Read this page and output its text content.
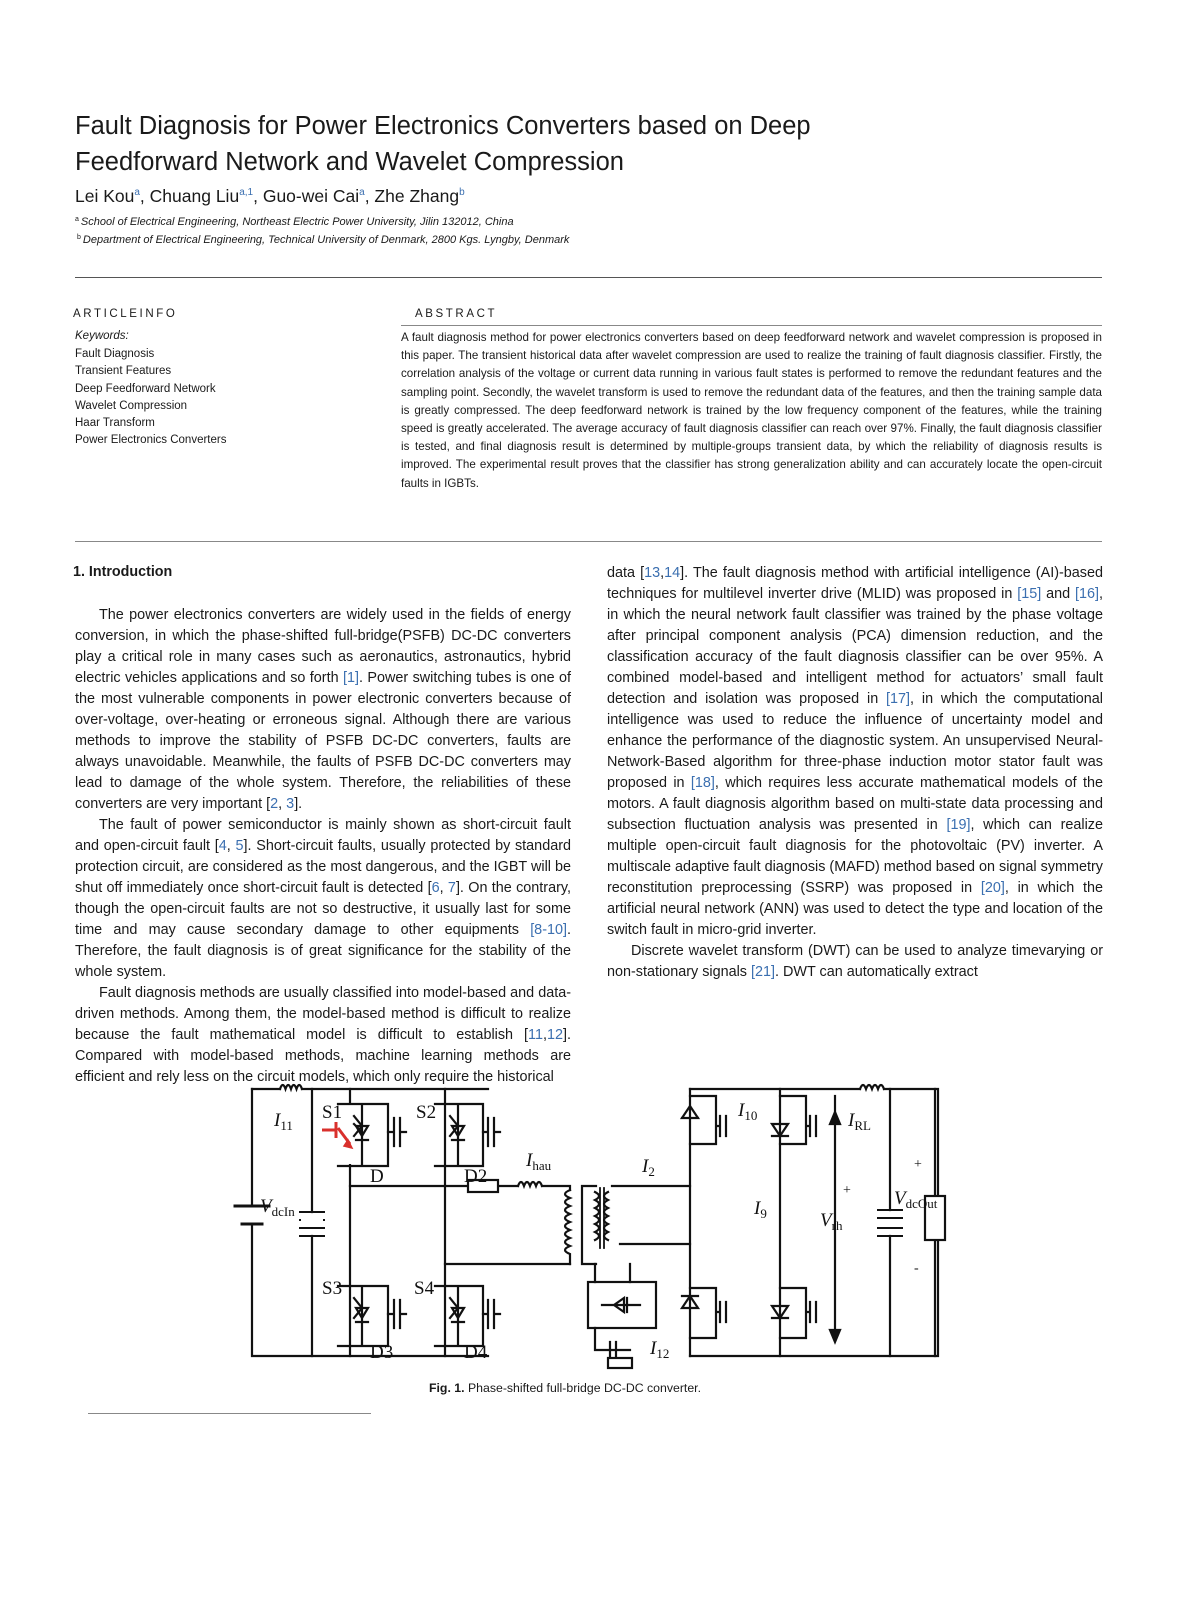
Fault Diagnosis for Power Electronics Converters based on Deep
Feedforward Network and Wavelet Compression
Lei Kou$^a$, Chuang Liu$^{a,1}$, Guo-wei Cai$^a$, Zhe Zhang$^b$
$^a$ School of Electrical Engineering, Northeast Electric Power University, Jilin 132012, China
$^b$ Department of Electrical Engineering, Technical University of Denmark, 2800 Kgs. Lyngby, Denmark
ARTICLEINFO
Keywords:
Fault Diagnosis
Transient Features
Deep Feedforward Network
Wavelet Compression
Haar Transform
Power Electronics Converters
ABSTRACT

A fault diagnosis method for power electronics converters based on deep feedforward network and wavelet compression is proposed in this paper. The transient historical data after wavelet compression are used to realize the training of fault diagnosis classifier. Firstly, the correlation analysis of the voltage or current data running in various fault states is performed to remove the redundant features and the sampling point. Secondly, the wavelet transform is used to remove the redundant data of the features, and then the training sample data is greatly compressed. The deep feedforward network is trained by the low frequency component of the features, while the training speed is greatly accelerated. The average accuracy of fault diagnosis classifier can reach over 97%. Finally, the fault diagnosis classifier is tested, and final diagnosis result is determined by multiple-groups transient data, by which the reliability of diagnosis results is improved. The experimental result proves that the classifier has strong generalization ability and can accurately locate the open-circuit faults in IGBTs.

1. Introduction

The power electronics converters are widely used in the fields of energy conversion, in which the phase-shifted full-bridge(PSFB) DC-DC converters play a critical role in many cases such as aeronautics, astronautics, hybrid electric vehicles applications and so forth [1]. Power switching tubes is one of the most vulnerable components in power electronic converters because of over-voltage, over-heating or erroneous signal. Although there are various methods to improve the stability of PSFB DC-DC converters, faults are always unavoidable. Meanwhile, the faults of PSFB DC-DC converters may lead to damage of the whole system. Therefore, the reliabilities of these converters are very important [2, 3].

The fault of power semiconductor is mainly shown as short-circuit fault and open-circuit fault [4, 5]. Short-circuit faults, usually protected by standard protection circuit, are considered as the most dangerous, and the IGBT will be shut off immediately once short-circuit fault is detected [6, 7]. On the contrary, though the open-circuit faults are not so destructive, it usually last for some time and may cause secondary damage to other equipments [8-10]. Therefore, the fault diagnosis is of great significance for the stability of the whole system.

Fault diagnosis methods are usually classified into model-based and data-driven methods. Among them, the model-based method is difficult to realize because the fault mathematical model is difficult to establish [11,12]. Compared with model-based methods, machine learning methods are efficient and rely less on the circuit models, which only require the historical

data [13,14]. The fault diagnosis method with artificial intelligence (AI)-based techniques for multilevel inverter drive (MLID) was proposed in [15] and [16], in which the neural network fault classifier was trained by the phase voltage after principal component analysis (PCA) dimension reduction, and the classification accuracy of the fault diagnosis classifier can be over 95%. A combined model-based and intelligent method for actuators’ small fault detection and isolation was proposed in [17], in which the computational intelligence was used to reduce the influence of uncertainty model and enhance the performance of the diagnostic system. An unsupervised Neural-Network-Based algorithm for three-phase induction motor stator fault was proposed in [18], which requires less accurate mathematical models of the motors. A fault diagnosis algorithm based on multi-state data processing and subsection fluctuation analysis was presented in [19], which can realize multiple open-circuit fault diagnosis for the photovoltaic (PV) inverter. A multiscale adaptive fault diagnosis (MAFD) method based on signal symmetry reconstitution preprocessing (SSRP) was proposed in [20], in which the artificial neural network (ANN) was used to detect the type and location of the switch fault in micro-grid inverter.

Discrete wavelet transform (DWT) can be used to analyze timevarying or non-stationary signals [21]. DWT can automatically extract

$I_{11}$
$V_{dcIn}$
$I_{hau}$	$I_2$
$I_{10}$	$I_{RL}$
$I_9$	$V_{rh}$
$V_{dcOut}$
$I_{12}$
S1	S2
S3	S4
D	D2
D3	D4
+
+
-
Fig. 1. Phase-shifted full-bridge DC-DC converter.
